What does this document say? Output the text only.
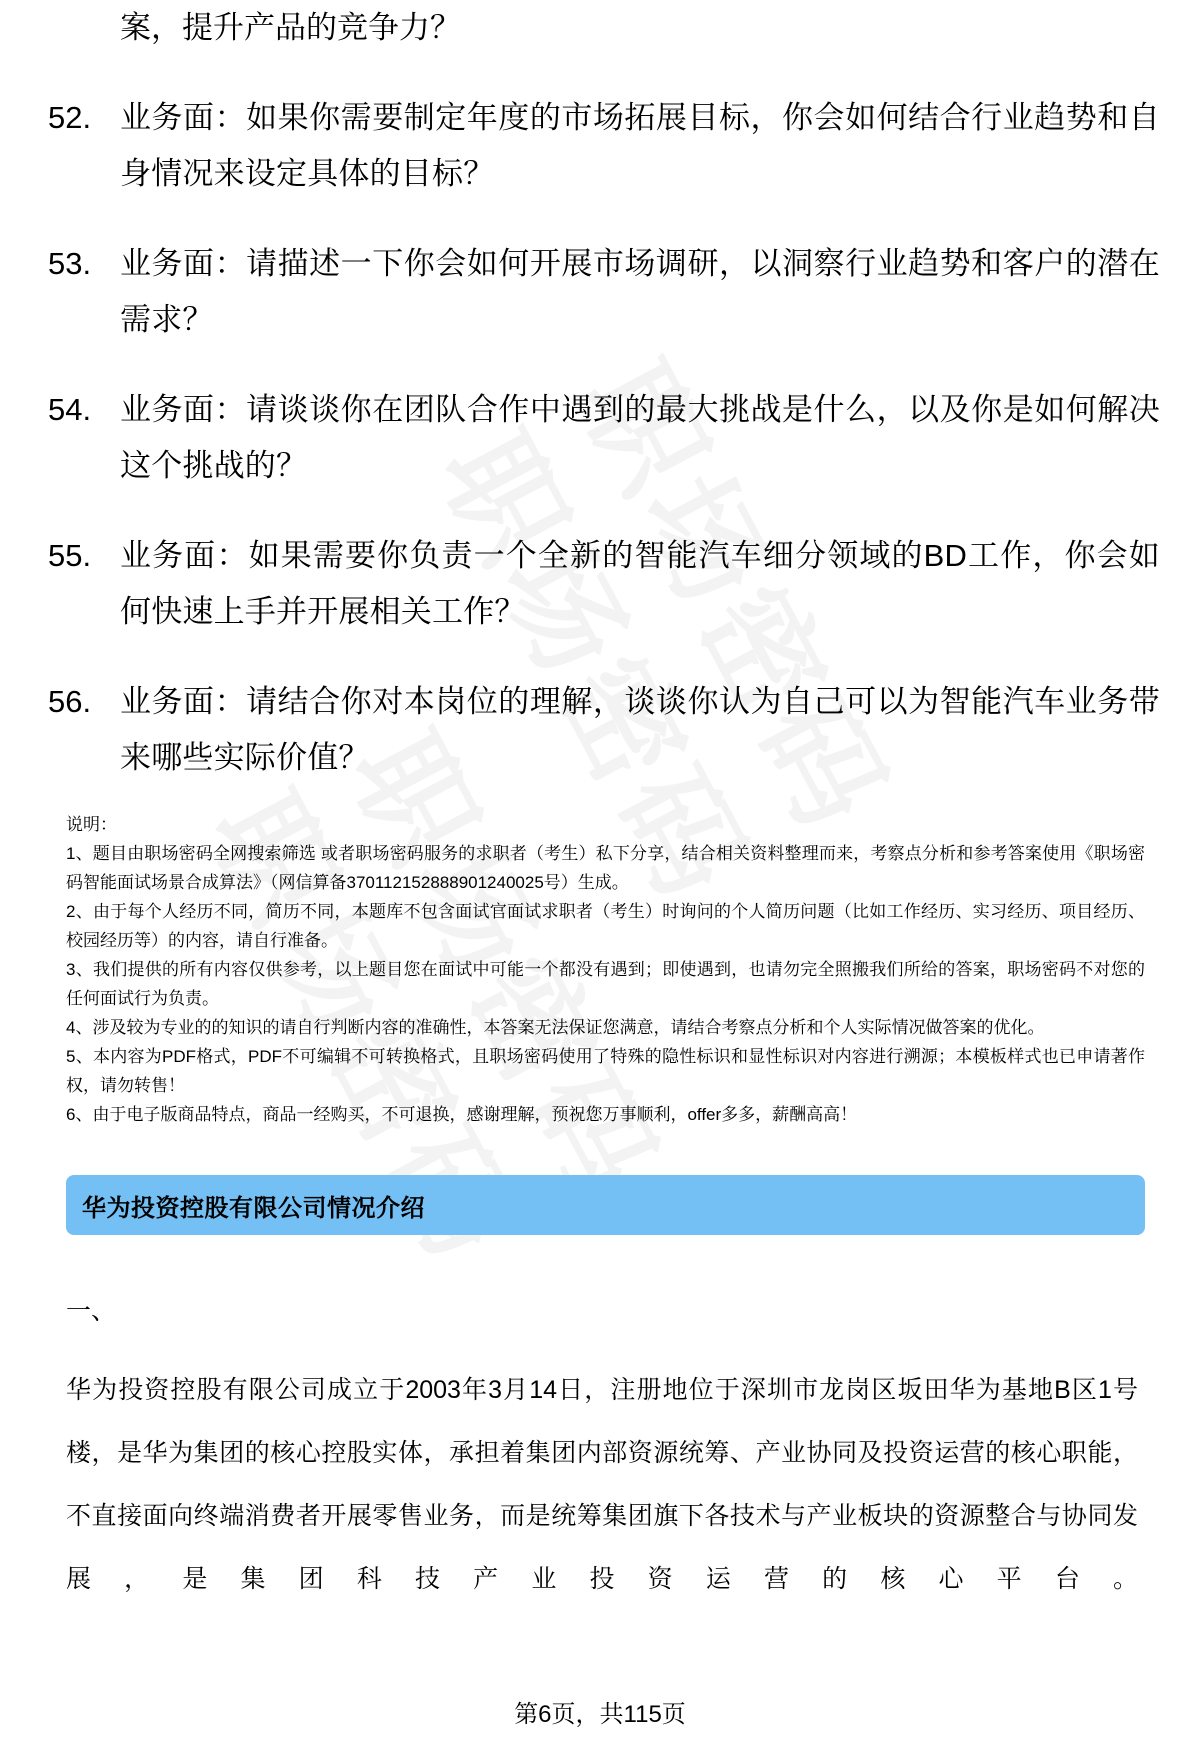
案，提升产品的竞争力？
52. 业务面：如果你需要制定年度的市场拓展目标，你会如何结合行业趋势和自身情况来设定具体的目标？
53. 业务面：请描述一下你会如何开展市场调研，以洞察行业趋势和客户的潜在需求？
54. 业务面：请谈谈你在团队合作中遇到的最大挑战是什么，以及你是如何解决这个挑战的？
55. 业务面：如果需要你负责一个全新的智能汽车细分领域的BD工作，你会如何快速上手并开展相关工作？
56. 业务面：请结合你对本岗位的理解，谈谈你认为自己可以为智能汽车业务带来哪些实际价值？
说明：
1、题目由职场密码全网搜索筛选 或者职场密码服务的求职者（考生）私下分享，结合相关资料整理而来，考察点分析和参考答案使用《职场密码智能面试场景合成算法》（网信算备370112152888901240025号）生成。
2、由于每个人经历不同，简历不同，本题库不包含面试官面试求职者（考生）时询问的个人简历问题（比如工作经历、实习经历、项目经历、校园经历等）的内容，请自行准备。
3、我们提供的所有内容仅供参考，以上题目您在面试中可能一个都没有遇到；即使遇到，也请勿完全照搬我们所给的答案，职场密码不对您的任何面试行为负责。
4、涉及较为专业的的知识的请自行判断内容的准确性，本答案无法保证您满意，请结合考察点分析和个人实际情况做答案的优化。
5、本内容为PDF格式，PDF不可编辑不可转换格式，且职场密码使用了特殊的隐性标识和显性标识对内容进行溯源；本模板样式也已申请著作权，请勿转售！
6、由于电子版商品特点，商品一经购买，不可退换，感谢理解，预祝您万事顺利，offer多多，薪酬高高！
华为投资控股有限公司情况介绍
一、
华为投资控股有限公司成立于2003年3月14日，注册地位于深圳市龙岗区坂田华为基地B区1号楼，是华为集团的核心控股实体，承担着集团内部资源统筹、产业协同及投资运营的核心职能，不直接面向终端消费者开展零售业务，而是统筹集团旗下各技术与产业板块的资源整合与协同发展，是集团科技产业投资运营的核心平台。
第6页，共115页
